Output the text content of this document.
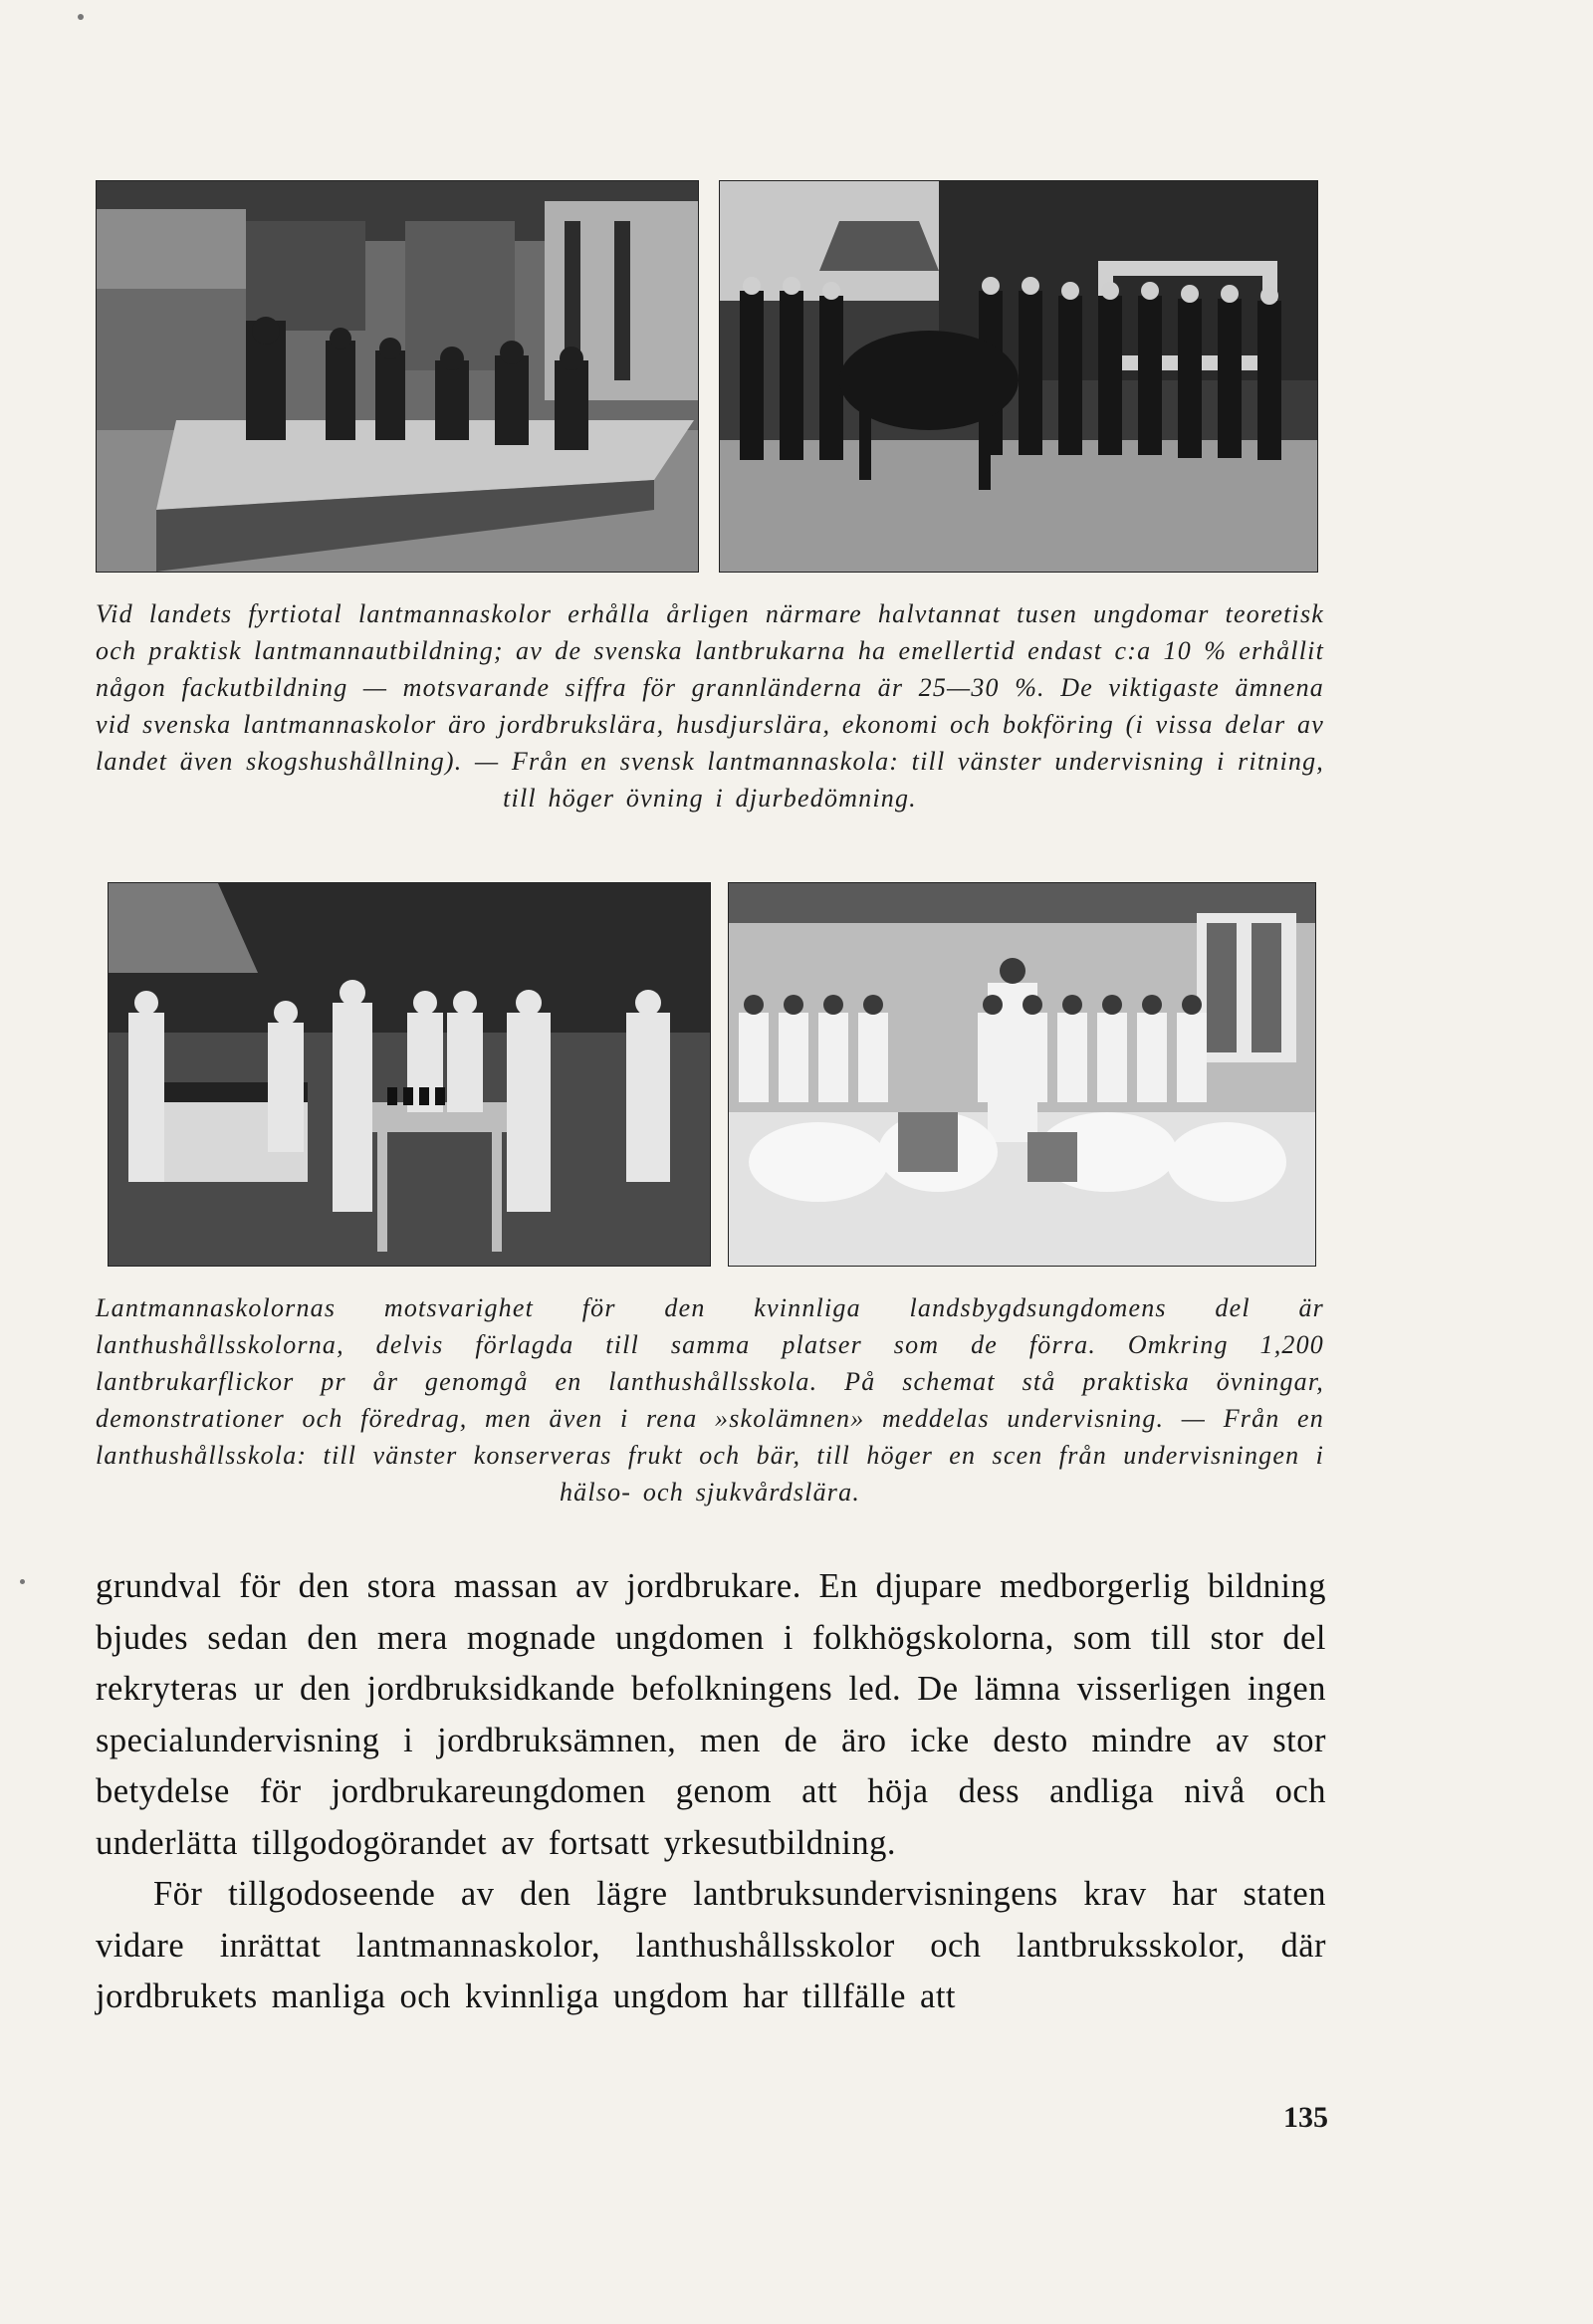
Vid landets fyrtiotal lantmannaskolor erhålla årligen närmare halvtannat tusen ungdomar teoretisk och praktisk lantmannautbildning; av de svenska lantbrukarna ha emellertid endast c:a 10 % erhållit någon fackutbildning — motsvarande siffra för grannländerna är 25—30 %. De viktigaste ämnena vid svenska lantmannaskolor äro jordbrukslära, husdjurslära, ekonomi och bokföring (i vissa delar av landet även skogshushållning). — Från en svensk lantmannaskola: till vänster undervisning i ritning, till höger övning i djurbedömning.

Lantmannaskolornas motsvarighet för den kvinnliga landsbygdsungdomens del är lanthushållsskolorna, delvis förlagda till samma platser som de förra. Omkring 1,200 lantbrukarflickor pr år genomgå en lanthushållsskola. På schemat stå praktiska övningar, demonstrationer och föredrag, men även i rena »skolämnen» meddelas undervisning. — Från en lanthushållsskola: till vänster konserveras frukt och bär, till höger en scen från undervisningen i hälso- och sjukvårdslära.

grundval för den stora massan av jordbrukare. En djupare medborgerlig bildning bjudes sedan den mera mognade ungdomen i folkhögskolorna, som till stor del rekryteras ur den jordbruksidkande befolkningens led. De lämna visserligen ingen specialundervisning i jordbruksämnen, men de äro icke desto mindre av stor betydelse för jordbrukareungdomen genom att höja dess andliga nivå och underlätta tillgodogörandet av fortsatt yrkesutbildning.

För tillgodoseende av den lägre lantbruksundervisningens krav har staten vidare inrättat lantmannaskolor, lanthushållsskolor och lantbruksskolor, där jordbrukets manliga och kvinnliga ungdom har tillfälle att

135
